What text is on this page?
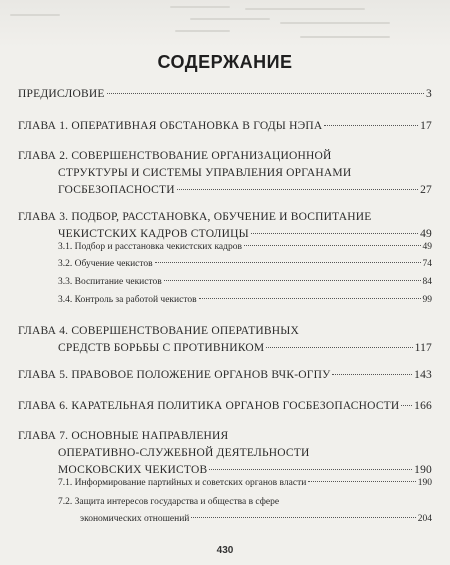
СОДЕРЖАНИЕ
ПРЕДИСЛОВИЕ	3
ГЛАВА 1. ОПЕРАТИВНАЯ ОБСТАНОВКА В ГОДЫ НЭПА	17
ГЛАВА 2. СОВЕРШЕНСТВОВАНИЕ ОРГАНИЗАЦИОННОЙ
СТРУКТУРЫ И СИСТЕМЫ УПРАВЛЕНИЯ ОРГАНАМИ
ГОСБЕЗОПАСНОСТИ	27
ГЛАВА 3. ПОДБОР, РАССТАНОВКА, ОБУЧЕНИЕ И ВОСПИТАНИЕ
ЧЕКИСТСКИХ КАДРОВ СТОЛИЦЫ	49
3.1. Подбор и расстановка чекистских кадров	49
3.2. Обучение чекистов	74
3.3. Воспитание чекистов	84
3.4. Контроль за работой чекистов	99
ГЛАВА 4. СОВЕРШЕНСТВОВАНИЕ ОПЕРАТИВНЫХ
СРЕДСТВ БОРЬБЫ С ПРОТИВНИКОМ	117
ГЛАВА 5. ПРАВОВОЕ ПОЛОЖЕНИЕ ОРГАНОВ ВЧК-ОГПУ	143
ГЛАВА 6. КАРАТЕЛЬНАЯ ПОЛИТИКА ОРГАНОВ ГОСБЕЗОПАСНОСТИ 166
ГЛАВА 7. ОСНОВНЫЕ НАПРАВЛЕНИЯ
ОПЕРАТИВНО-СЛУЖЕБНОЙ ДЕЯТЕЛЬНОСТИ
МОСКОВСКИХ ЧЕКИСТОВ	190
7.1. Информирование партийных и советских органов власти	190
7.2. Защита интересов государства и общества в сфере
экономических отношений	204
430
